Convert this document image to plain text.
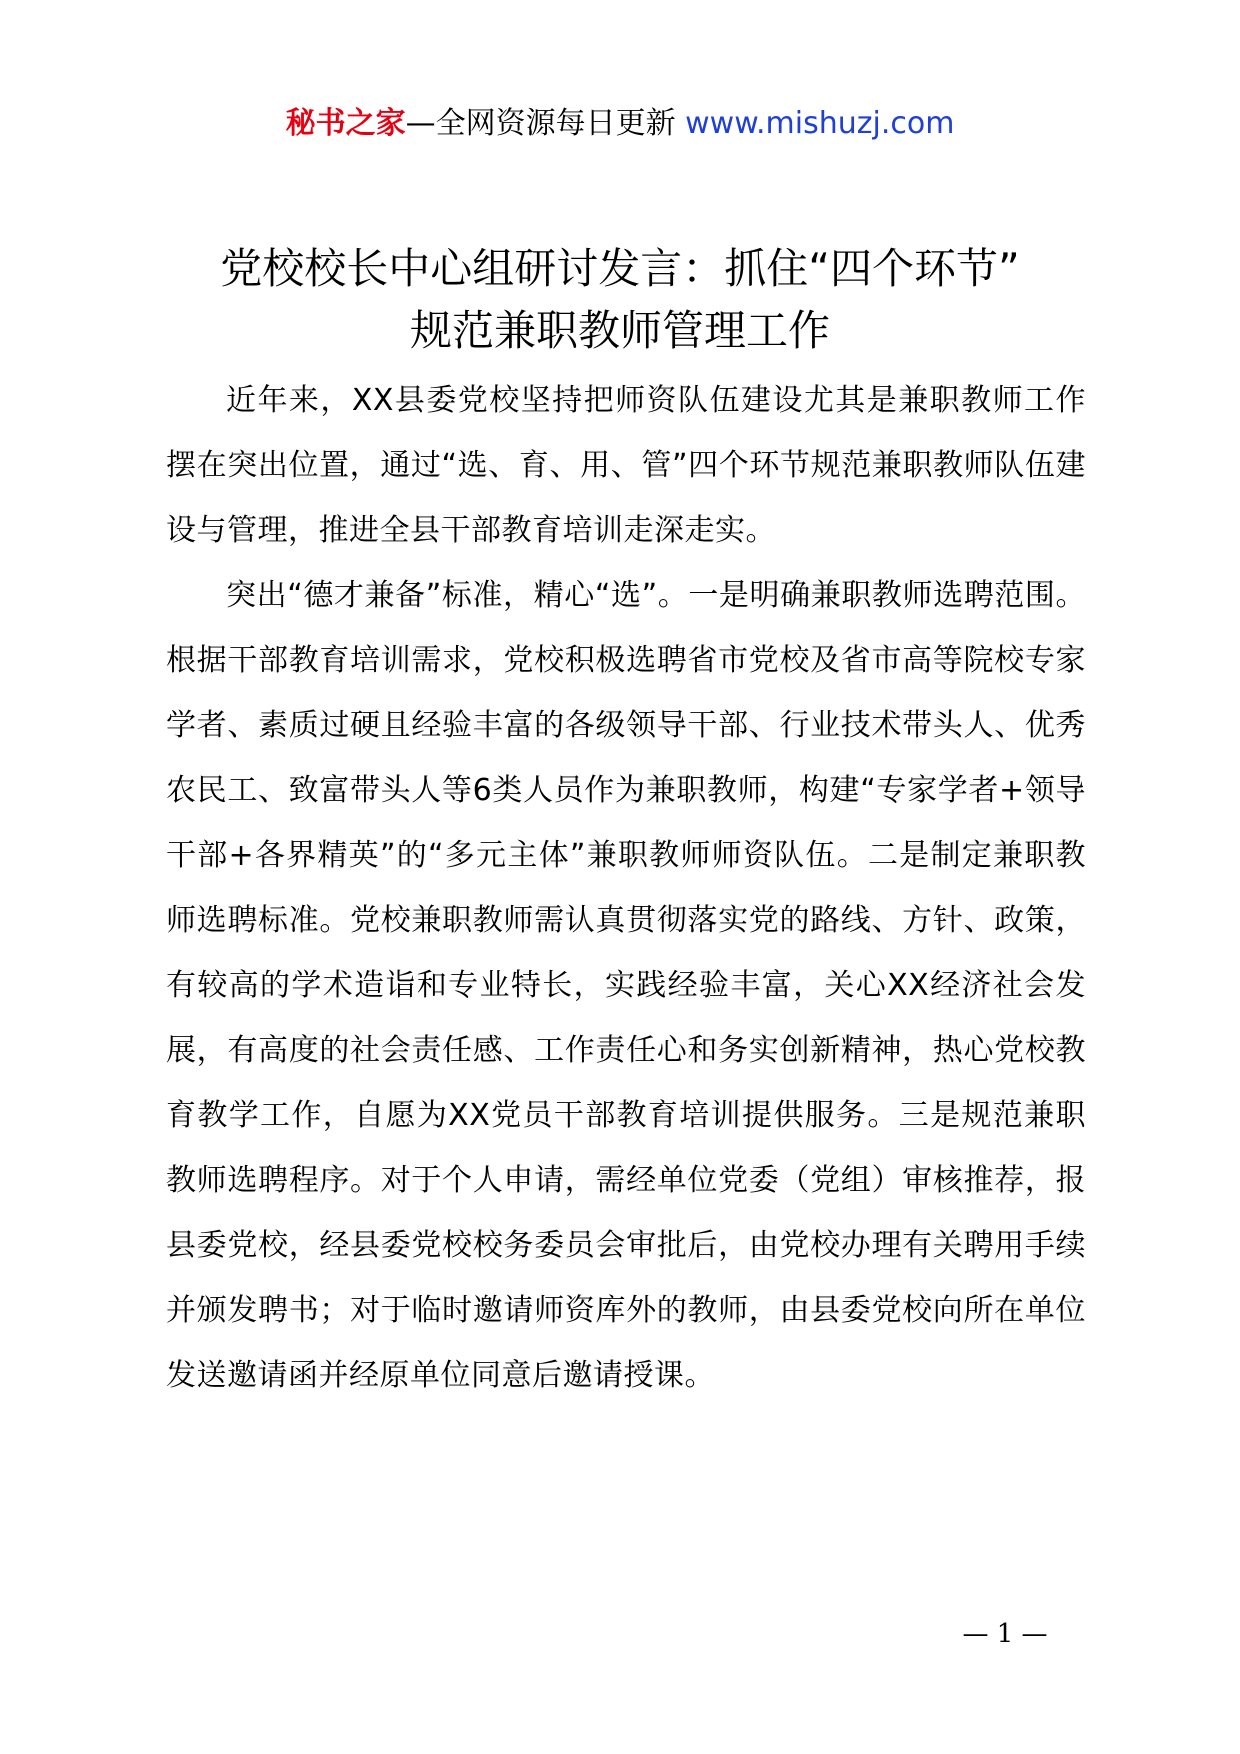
秘书之家—全网资源每日更新 www.mishuzj.com
党校校长中心组研讨发言：抓住“四个环节”
规范兼职教师管理工作

近年来，XX县委党校坚持把师资队伍建设尤其是兼职教师工作摆在突出位置，通过“选、育、用、管”四个环节规范兼职教师队伍建设与管理，推进全县干部教育培训走深走实。

突出“德才兼备”标准，精心“选”。一是明确兼职教师选聘范围。根据干部教育培训需求，党校积极选聘省市党校及省市高等院校专家学者、素质过硬且经验丰富的各级领导干部、行业技术带头人、优秀农民工、致富带头人等6类人员作为兼职教师，构建“专家学者+领导干部+各界精英”的“多元主体”兼职教师师资队伍。二是制定兼职教师选聘标准。党校兼职教师需认真贯彻落实党的路线、方针、政策，有较高的学术造诣和专业特长，实践经验丰富，关心XX经济社会发展，有高度的社会责任感、工作责任心和务实创新精神，热心党校教育教学工作，自愿为XX党员干部教育培训提供服务。三是规范兼职教师选聘程序。对于个人申请，需经单位党委（党组）审核推荐，报县委党校，经县委党校校务委员会审批后，由党校办理有关聘用手续并颁发聘书；对于临时邀请师资库外的教师，由县委党校向所在单位发送邀请函并经原单位同意后邀请授课。

— 1 —
